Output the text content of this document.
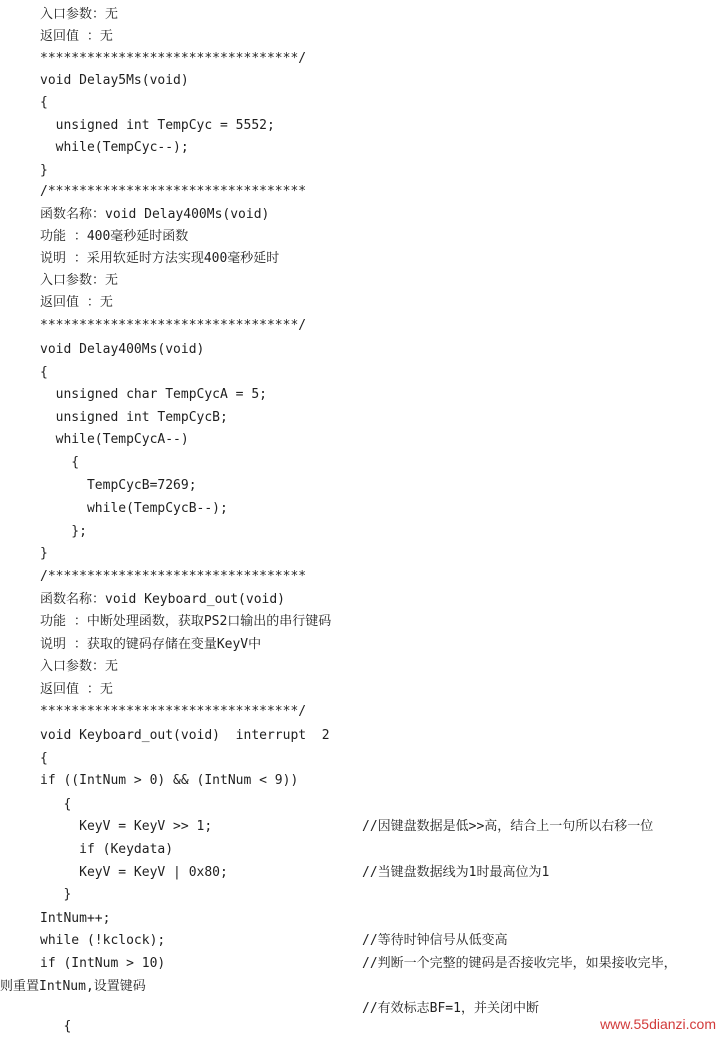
入口参数：无
返回值 ：无
*********************************/
void Delay5Ms(void)
{
unsigned int TempCyc = 5552;
while(TempCyc--);
}
/*********************************
函数名称：void Delay400Ms(void)
功能 ：400毫秒延时函数
说明 ：采用软延时方法实现400毫秒延时
入口参数：无
返回值 ：无
*********************************/
void Delay400Ms(void)
{
unsigned char TempCycA = 5;
unsigned int TempCycB;
while(TempCycA--)
{
TempCycB=7269;
while(TempCycB--);
};
}
/*********************************
函数名称：void Keyboard_out(void)
功能 ：中断处理函数，获取PS2口输出的串行键码
说明 ：获取的键码存储在变量KeyV中
入口参数：无
返回值 ：无
*********************************/
void Keyboard_out(void)  interrupt  2
{
if ((IntNum > 0) && (IntNum < 9))
{
KeyV = KeyV >> 1;
if (Keydata)
KeyV = KeyV | 0x80;
}
IntNum++;
while (!kclock);
if (IntNum > 10)
则重置IntNum,设置键码
{
//因键盘数据是低>>高，结合上一句所以右移一位
//当键盘数据线为1时最高位为1
//等待时钟信号从低变高
//判断一个完整的键码是否接收完毕，如果接收完毕，
//有效标志BF=1，并关闭中断
www.55dianzi.com
